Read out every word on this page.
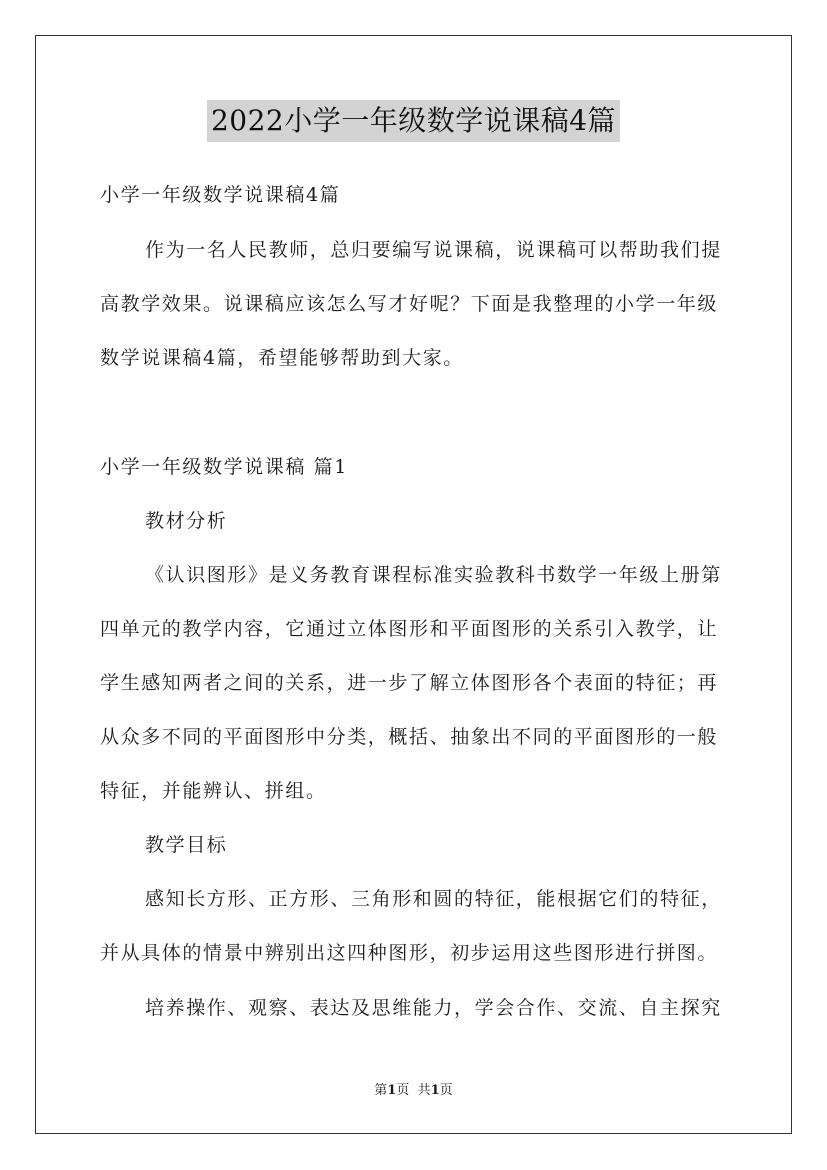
2022小学一年级数学说课稿4篇
小学一年级数学说课稿4篇
作为一名人民教师，总归要编写说课稿，说课稿可以帮助我们提
高教学效果。说课稿应该怎么写才好呢？下面是我整理的小学一年级
数学说课稿4篇，希望能够帮助到大家。
小学一年级数学说课稿 篇1
教材分析
《认识图形》是义务教育课程标准实验教科书数学一年级上册第
四单元的教学内容，它通过立体图形和平面图形的关系引入教学，让
学生感知两者之间的关系，进一步了解立体图形各个表面的特征；再
从众多不同的平面图形中分类，概括、抽象出不同的平面图形的一般
特征，并能辨认、拼组。
教学目标
感知长方形、正方形、三角形和圆的特征，能根据它们的特征，
并从具体的情景中辨别出这四种图形，初步运用这些图形进行拼图。
培养操作、观察、表达及思维能力，学会合作、交流、自主探究
第1页 共1页
